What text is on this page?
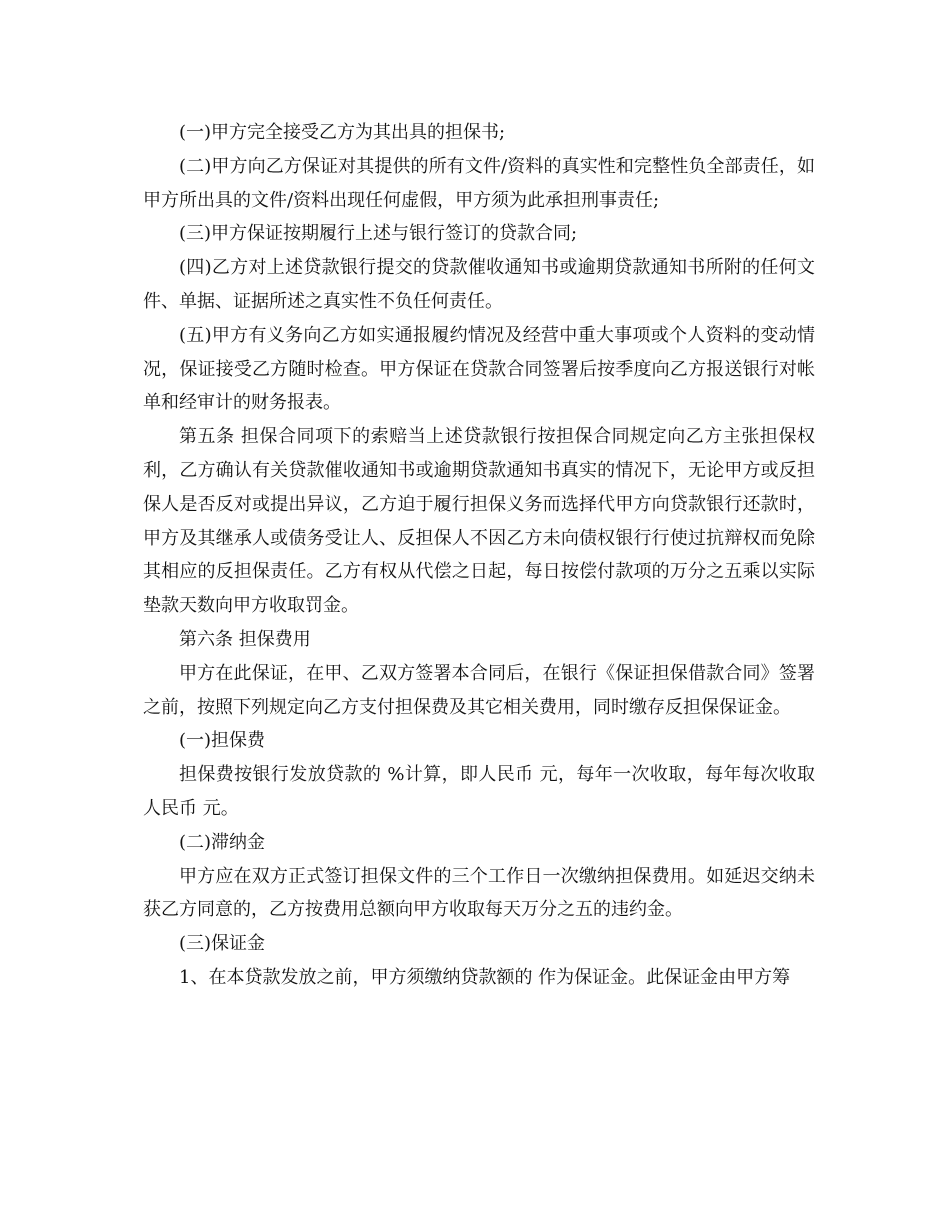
(一)甲方完全接受乙方为其出具的担保书;

(二)甲方向乙方保证对其提供的所有文件/资料的真实性和完整性负全部责任，如甲方所出具的文件/资料出现任何虚假，甲方须为此承担刑事责任;

(三)甲方保证按期履行上述与银行签订的贷款合同;

(四)乙方对上述贷款银行提交的贷款催收通知书或逾期贷款通知书所附的任何文件、单据、证据所述之真实性不负任何责任。

(五)甲方有义务向乙方如实通报履约情况及经营中重大事项或个人资料的变动情况，保证接受乙方随时检查。甲方保证在贷款合同签署后按季度向乙方报送银行对帐单和经审计的财务报表。

第五条 担保合同项下的索赔当上述贷款银行按担保合同规定向乙方主张担保权利，乙方确认有关贷款催收通知书或逾期贷款通知书真实的情况下，无论甲方或反担保人是否反对或提出异议，乙方迫于履行担保义务而选择代甲方向贷款银行还款时，甲方及其继承人或债务受让人、反担保人不因乙方未向债权银行行使过抗辩权而免除其相应的反担保责任。乙方有权从代偿之日起，每日按偿付款项的万分之五乘以实际垫款天数向甲方收取罚金。

第六条 担保费用

甲方在此保证，在甲、乙双方签署本合同后，在银行《保证担保借款合同》签署之前，按照下列规定向乙方支付担保费及其它相关费用，同时缴存反担保保证金。

(一)担保费

担保费按银行发放贷款的 %计算，即人民币 元，每年一次收取，每年每次收取人民币 元。

(二)滞纳金

甲方应在双方正式签订担保文件的三个工作日一次缴纳担保费用。如延迟交纳未获乙方同意的，乙方按费用总额向甲方收取每天万分之五的违约金。

(三)保证金

1、在本贷款发放之前，甲方须缴纳贷款额的 作为保证金。此保证金由甲方筹
